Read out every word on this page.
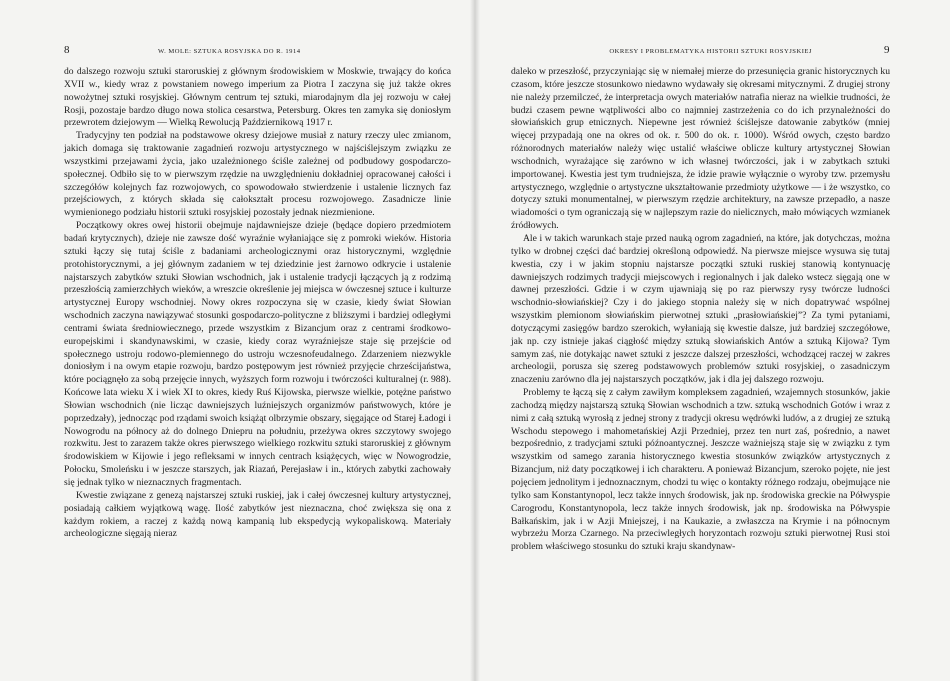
8	W. MOLE: SZTUKA ROSYJSKA DO R. 1914

do dalszego rozwoju sztuki staroruskiej z głównym środowiskiem w Moskwie, trwający do końca XVII w., kiedy wraz z powstaniem nowego imperium za Piotra I zaczyna się już także okres nowożytnej sztuki rosyjskiej. Głównym centrum tej sztuki, miarodajnym dla jej rozwoju w całej Rosji, pozostaje bardzo długo nowa stolica cesarstwa, Petersburg. Okres ten zamyka się doniosłym przewrotem dziejowym — Wielką Rewolucją Październikową 1917 r.

Tradycyjny ten podział na podstawowe okresy dziejowe musiał z natury rzeczy ulec zmianom, jakich domaga się traktowanie zagadnień rozwoju artystycznego w najściślejszym związku ze wszystkimi przejawami życia, jako uzależnionego ściśle zależnej od podbudowy gospodarczo-społecznej. Odbiło się to w pierwszym rzędzie na uwzględnieniu dokładniej opracowanej całości i szczegółów kolejnych faz rozwojowych, co spowodowało stwierdzenie i ustalenie licznych faz przejściowych, z których składa się całokształt procesu rozwojowego. Zasadnicze linie wymienionego podziału historii sztuki rosyjskiej pozostały jednak niezmienione.

Początkowy okres owej historii obejmuje najdawniejsze dzieje (będące dopiero przedmiotem badań krytycznych), dzieje nie zawsze dość wyraźnie wyłaniające się z pomroki wieków. Historia sztuki łączy się tutaj ściśle z badaniami archeologicznymi oraz historycznymi, względnie protohistorycznymi, a jej głównym zadaniem w tej dziedzinie jest żarnowo odkrycie i ustalenie najstarszych zabytków sztuki Słowian wschodnich, jak i ustalenie tradycji łączących ją z rodzimą przeszłością zamierzchłych wieków, a wreszcie określenie jej miejsca w ówczesnej sztuce i kulturze artystycznej Europy wschodniej. Nowy okres rozpoczyna się w czasie, kiedy świat Słowian wschodnich zaczyna nawiązywać stosunki gospodarczo-polityczne z bliższymi i bardziej odległymi centrami świata średniowiecznego, przede wszystkim z Bizancjum oraz z centrami środkowo-europejskimi i skandynawskimi, w czasie, kiedy coraz wyraźniejsze staje się przejście od społecznego ustroju rodowo-plemiennego do ustroju wczesnofeudalnego. Zdarzeniem niezwykle doniosłym i na owym etapie rozwoju, bardzo postępowym jest również przyjęcie chrześcijaństwa, które pociągnęło za sobą przejęcie innych, wyższych form rozwoju i twórczości kulturalnej (r. 988). Końcowe lata wieku X i wiek XI to okres, kiedy Ruś Kijowska, pierwsze wielkie, potężne państwo Słowian wschodnich (nie licząc dawniejszych luźniejszych organizmów państwowych, które je poprzedzały), jednocząc pod rządami swoich książąt olbrzymie obszary, sięgające od Starej Ładogi i Nowogrodu na północy aż do dolnego Dniepru na południu, przeżywa okres szczytowy swojego rozkwitu. Jest to zarazem także okres pierwszego wielkiego rozkwitu sztuki staroruskiej z głównym środowiskiem w Kijowie i jego refleksami w innych centrach książęcych, więc w Nowogrodzie, Połocku, Smoleńsku i w jeszcze starszych, jak Riazań, Perejasław i in., których zabytki zachowały się jednak tylko w nieznacznych fragmentach.

Kwestie związane z genezą najstarszej sztuki ruskiej, jak i całej ówczesnej kultury artystycznej, posiadają całkiem wyjątkową wagę. Ilość zabytków jest nieznaczna, choć zwiększa się ona z każdym rokiem, a raczej z każdą nową kampanią lub ekspedycją wykopaliskową. Materiały archeologiczne sięgają nieraz

OKRESY I PROBLEMATYKA HISTORII SZTUKI ROSYJSKIEJ	9

daleko w przeszłość, przyczyniając się w niemałej mierze do przesunięcia granic historycznych ku czasom, które jeszcze stosunkowo niedawno wydawały się okresami mitycznymi. Z drugiej strony nie należy przemilczeć, że interpretacja owych materiałów natrafia nieraz na wielkie trudności, że budzi czasem pewne wątpliwości albo co najmniej zastrzeżenia co do ich przynależności do słowiańskich grup etnicznych. Niepewne jest również ściślejsze datowanie zabytków (mniej więcej przypadają one na okres od ok. r. 500 do ok. r. 1000). Wśród owych, często bardzo różnorodnych materiałów należy więc ustalić właściwe oblicze kultury artystycznej Słowian wschodnich, wyrażające się zarówno w ich własnej twórczości, jak i w zabytkach sztuki importowanej. Kwestia jest tym trudniejsza, że idzie prawie wyłącznie o wyroby tzw. przemysłu artystycznego, względnie o artystyczne ukształtowanie przedmioty użytkowe — i że wszystko, co dotyczy sztuki monumentalnej, w pierwszym rzędzie architektury, na zawsze przepadło, a nasze wiadomości o tym ograniczają się w najlepszym razie do nielicznych, mało mówiących wzmianek źródłowych.

Ale i w takich warunkach staje przed nauką ogrom zagadnień, na które, jak dotychczas, można tylko w drobnej części dać bardziej określoną odpowiedź. Na pierwsze miejsce wysuwa się tutaj kwestia, czy i w jakim stopniu najstarsze początki sztuki ruskiej stanowią kontynuację dawniejszych rodzimych tradycji miejscowych i regionalnych i jak daleko wstecz sięgają one w dawnej przeszłości. Gdzie i w czym ujawniają się po raz pierwszy rysy twórcze ludności wschodnio-słowiańskiej? Czy i do jakiego stopnia należy się w nich dopatrywać wspólnej wszystkim plemionom słowiańskim pierwotnej sztuki „prasłowiańskiej”? Za tymi pytaniami, dotyczącymi zasięgów bardzo szerokich, wyłaniają się kwestie dalsze, już bardziej szczegółowe, jak np. czy istnieje jakaś ciągłość między sztuką słowiańskich Antów a sztuką Kijowa? Tym samym zaś, nie dotykając nawet sztuki z jeszcze dalszej przeszłości, wchodzącej raczej w zakres archeologii, porusza się szereg podstawowych problemów sztuki rosyjskiej, o zasadniczym znaczeniu zarówno dla jej najstarszych początków, jak i dla jej dalszego rozwoju.

Problemy te łączą się z całym zawiłym kompleksem zagadnień, wzajemnych stosunków, jakie zachodzą między najstarszą sztuką Słowian wschodnich a tzw. sztuką wschodnich Gotów i wraz z nimi z całą sztuką wyrosłą z jednej strony z tradycji okresu wędrówki ludów, a z drugiej ze sztuką Wschodu stepowego i mahometańskiej Azji Przedniej, przez ten nurt zaś, pośrednio, a nawet bezpośrednio, z tradycjami sztuki późnoantycznej. Jeszcze ważniejszą staje się w związku z tym wszystkim od samego zarania historycznego kwestia stosunków związków artystycznych z Bizancjum, niż daty początkowej i ich charakteru. A ponieważ Bizancjum, szeroko pojęte, nie jest pojęciem jednolitym i jednoznacznym, chodzi tu więc o kontakty różnego rodzaju, obejmujące nie tylko sam Konstantynopol, lecz także innych środowisk, jak np. środowiska greckie na Półwyspie Carogrodu, Konstantynopola, lecz także innych środowisk, jak np. środowiska na Półwyspie Bałkańskim, jak i w Azji Mniejszej, i na Kaukazie, a zwłaszcza na Krymie i na północnym wybrzeżu Morza Czarnego. Na przeciwległych horyzontach rozwoju sztuki pierwotnej Rusi stoi problem właściwego stosunku do sztuki kraju skandynaw-
